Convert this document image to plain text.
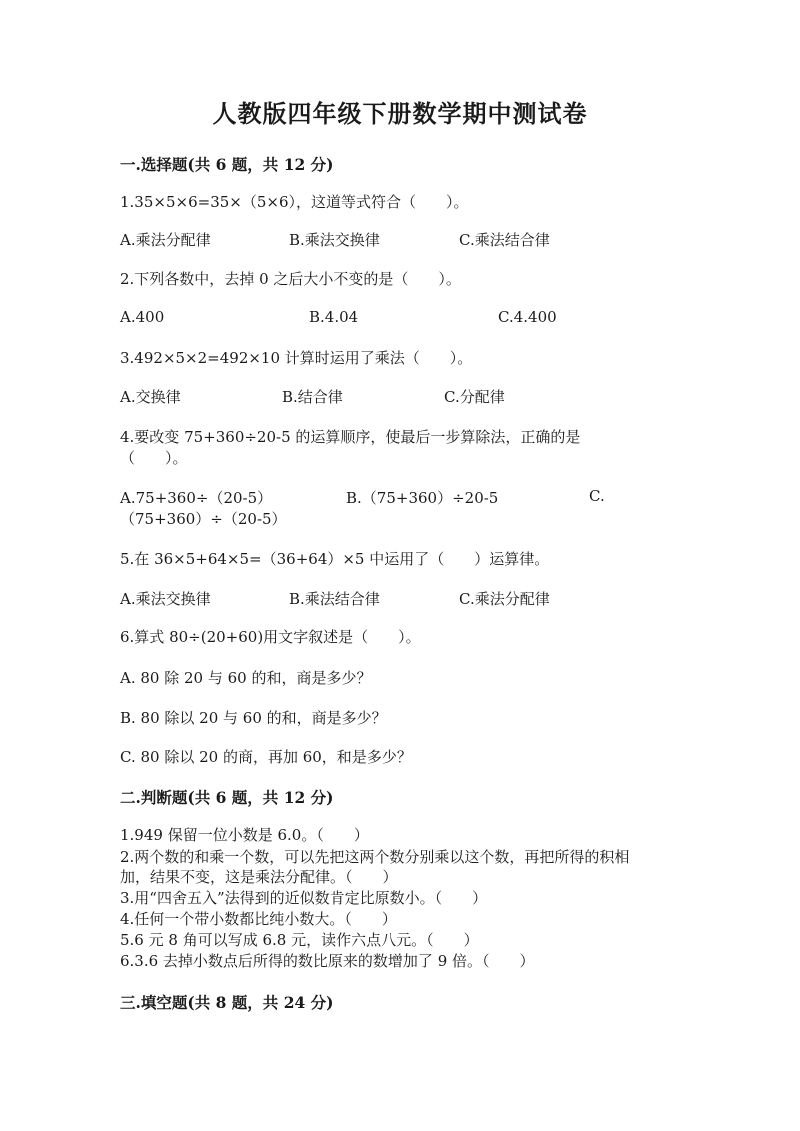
人教版四年级下册数学期中测试卷
一.选择题(共 6 题，共 12 分)
1.35×5×6=35×（5×6），这道等式符合（　　）。
A.乘法分配律	B.乘法交换律	C.乘法结合律
2.下列各数中，去掉 0 之后大小不变的是（　　）。
A.400	B.4.04	C.4.400
3.492×5×2=492×10 计算时运用了乘法（　　）。
A.交换律	B.结合律	C.分配律
4.要改变 75+360÷20-5 的运算顺序，使最后一步算除法，正确的是
（　　）。
A.75+360÷（20-5）	B.（75+360）÷20-5	C.
（75+360）÷（20-5）
5.在 36×5+64×5=（36+64）×5 中运用了（　　）运算律。
A.乘法交换律	B.乘法结合律	C.乘法分配律
6.算式 80÷(20+60)用文字叙述是（　　）。
A. 80 除 20 与 60 的和，商是多少？
B. 80 除以 20 与 60 的和，商是多少？
C. 80 除以 20 的商，再加 60，和是多少？
二.判断题(共 6 题，共 12 分)
1.949 保留一位小数是 6.0。（　　）
2.两个数的和乘一个数，可以先把这两个数分别乘以这个数，再把所得的积相
加，结果不变，这是乘法分配律。（　　）
3.用“四舍五入”法得到的近似数肯定比原数小。（　　）
4.任何一个带小数都比纯小数大。（　　）
5.6 元 8 角可以写成 6.8 元，读作六点八元。（　　）
6.3.6 去掉小数点后所得的数比原来的数增加了 9 倍。（　　）
三.填空题(共 8 题，共 24 分)
